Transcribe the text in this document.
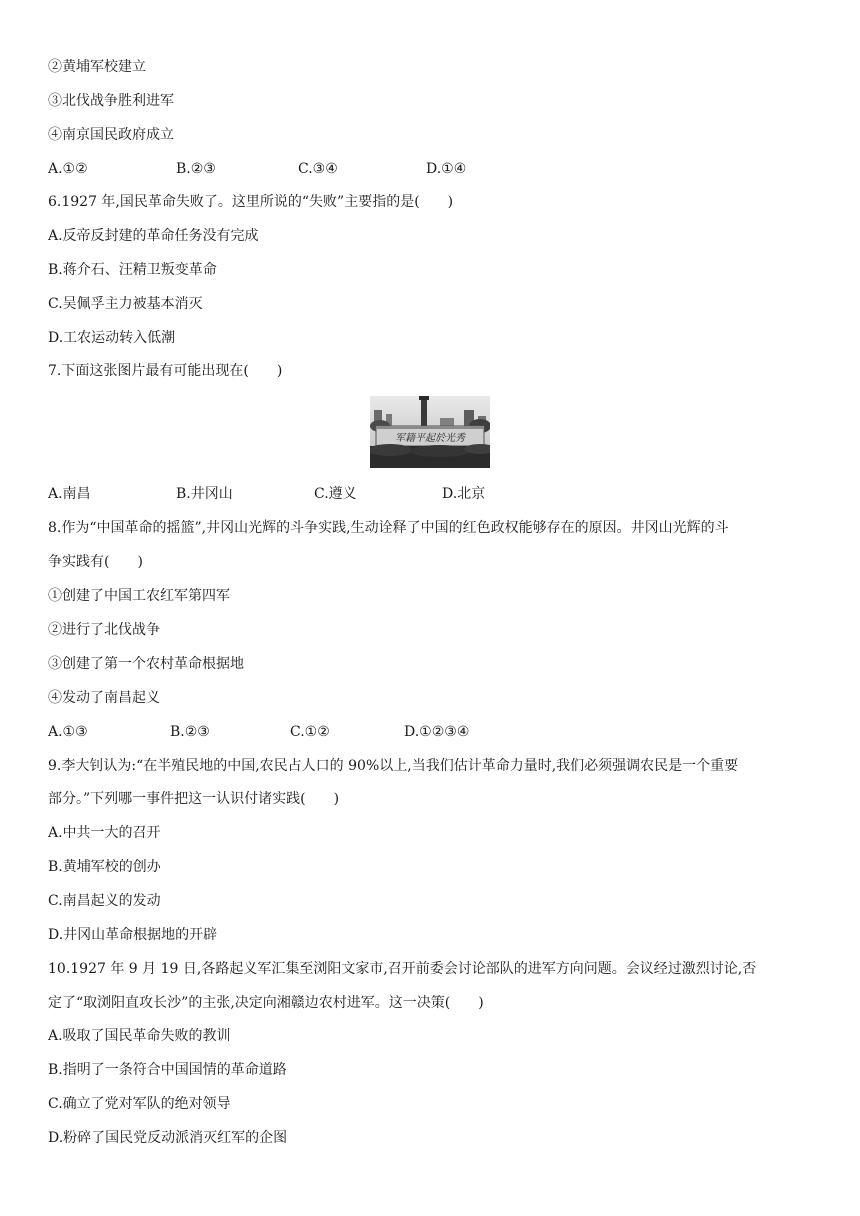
②黄埔军校建立
③北伐战争胜利进军
④南京国民政府成立
A.①②	B.②③	C.③④	D.①④
6.1927 年,国民革命失败了。这里所说的“失败”主要指的是(　　)
A.反帝反封建的革命任务没有完成
B.蒋介石、汪精卫叛变革命
C.吴佩孚主力被基本消灭
D.工农运动转入低潮
7.下面这张图片最有可能出现在(　　)
军籍平起於光秀
A.南昌	B.井冈山	C.遵义	D.北京
8.作为“中国革命的摇篮”,井冈山光辉的斗争实践,生动诠释了中国的红色政权能够存在的原因。井冈山光辉的斗
争实践有(　　)
①创建了中国工农红军第四军
②进行了北伐战争
③创建了第一个农村革命根据地
④发动了南昌起义
A.①③	B.②③	C.①②	D.①②③④
9.李大钊认为:“在半殖民地的中国,农民占人口的 90%以上,当我们估计革命力量时,我们必须强调农民是一个重要
部分。”下列哪一事件把这一认识付诸实践(　　)
A.中共一大的召开
B.黄埔军校的创办
C.南昌起义的发动
D.井冈山革命根据地的开辟
10.1927 年 9 月 19 日,各路起义军汇集至浏阳文家市,召开前委会讨论部队的进军方向问题。会议经过激烈讨论,否
定了“取浏阳直攻长沙”的主张,决定向湘赣边农村进军。这一决策(　　)
A.吸取了国民革命失败的教训
B.指明了一条符合中国国情的革命道路
C.确立了党对军队的绝对领导
D.粉碎了国民党反动派消灭红军的企图
